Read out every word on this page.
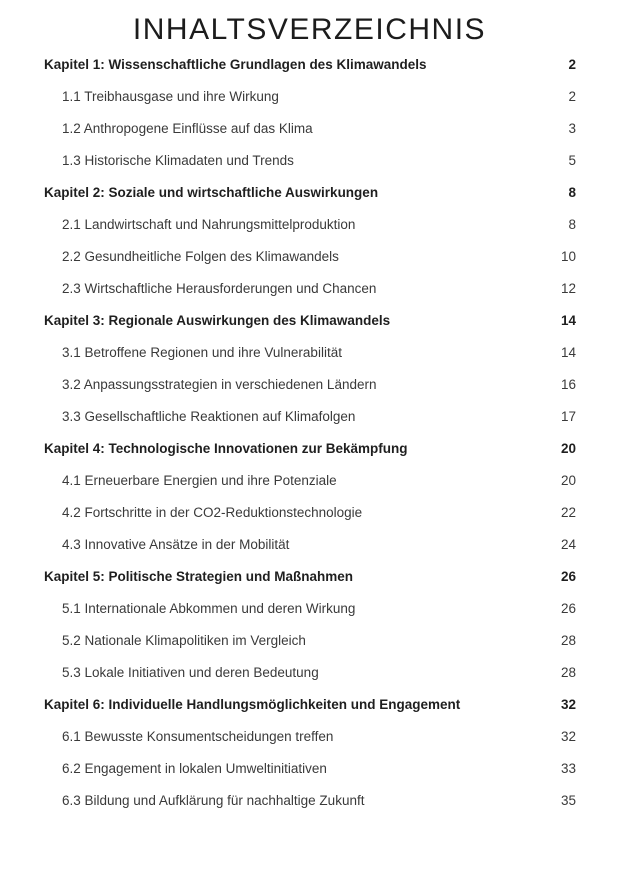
INHALTSVERZEICHNIS
Kapitel 1: Wissenschaftliche Grundlagen des Klimawandels	2
1.1 Treibhausgase und ihre Wirkung	2
1.2 Anthropogene Einflüsse auf das Klima	3
1.3 Historische Klimadaten und Trends	5
Kapitel 2: Soziale und wirtschaftliche Auswirkungen	8
2.1 Landwirtschaft und Nahrungsmittelproduktion	8
2.2 Gesundheitliche Folgen des Klimawandels	10
2.3 Wirtschaftliche Herausforderungen und Chancen	12
Kapitel 3: Regionale Auswirkungen des Klimawandels	14
3.1 Betroffene Regionen und ihre Vulnerabilität	14
3.2 Anpassungsstrategien in verschiedenen Ländern	16
3.3 Gesellschaftliche Reaktionen auf Klimafolgen	17
Kapitel 4: Technologische Innovationen zur Bekämpfung	20
4.1 Erneuerbare Energien und ihre Potenziale	20
4.2 Fortschritte in der CO2-Reduktionstechnologie	22
4.3 Innovative Ansätze in der Mobilität	24
Kapitel 5: Politische Strategien und Maßnahmen	26
5.1 Internationale Abkommen und deren Wirkung	26
5.2 Nationale Klimapolitiken im Vergleich	28
5.3 Lokale Initiativen und deren Bedeutung	28
Kapitel 6: Individuelle Handlungsmöglichkeiten und Engagement	32
6.1 Bewusste Konsumentscheidungen treffen	32
6.2 Engagement in lokalen Umweltinitiativen	33
6.3 Bildung und Aufklärung für nachhaltige Zukunft	35
